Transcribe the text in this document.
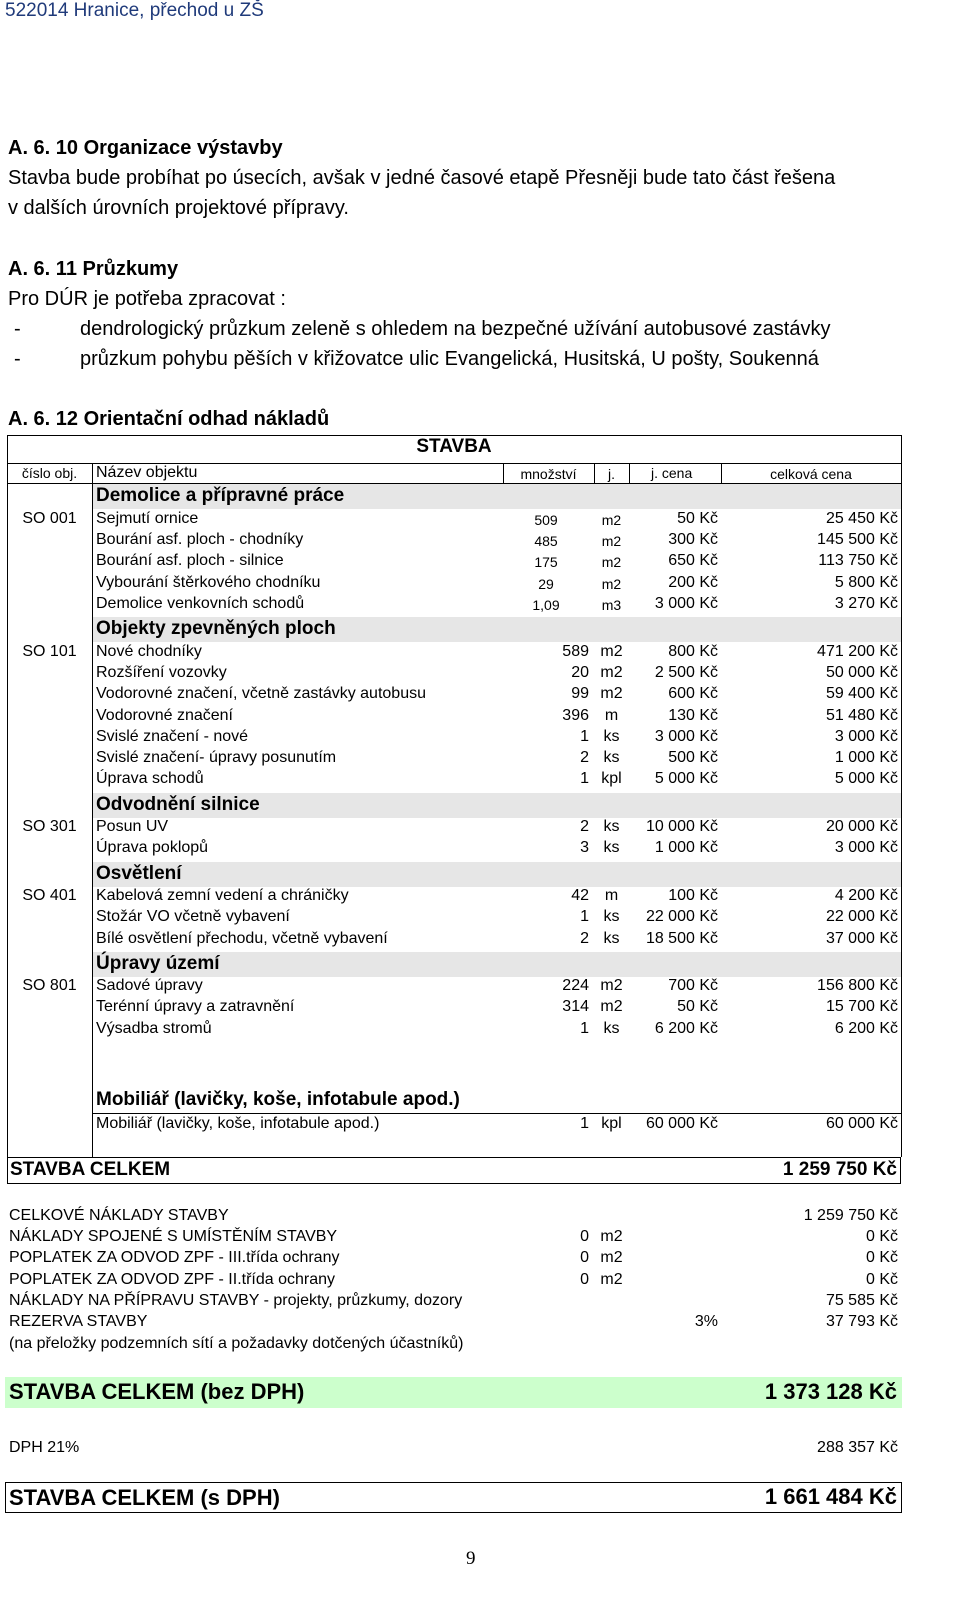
522014 Hranice, přechod u ZŠ
A. 6. 10 Organizace výstavby
Stavba bude probíhat po úsecích, avšak v jedné časové etapě Přesněji bude tato část řešena
v dalších úrovních projektové přípravy.
A. 6. 11 Průzkumy
Pro DÚR je potřeba zpracovat :
-	dendrologický průzkum zeleně s ohledem na bezpečné užívání autobusové zastávky
-	průzkum pohybu pěších v křižovatce ulic Evangelická, Husitská, U pošty, Soukenná
A. 6. 12 Orientační odhad nákladů
STAVBA
číslo obj.	Název objektu	množství	j.	j. cena	celková cena
Demolice a přípravné práce
SO 001	Sejmutí ornice	509	m2	50 Kč	25 450 Kč
Bourání asf. ploch - chodníky	485	m2	300 Kč	145 500 Kč
Bourání asf. ploch - silnice	175	m2	650 Kč	113 750 Kč
Vybourání štěrkového chodníku	29	m2	200 Kč	5 800 Kč
Demolice venkovních schodů	1,09	m3	3 000 Kč	3 270 Kč
Objekty zpevněných ploch
SO 101	Nové chodníky	589 m2	800 Kč	471 200 Kč
Rozšíření vozovky	20 m2	2 500 Kč	50 000 Kč
Vodorovné značení, včetně zastávky autobusu	99 m2	600 Kč	59 400 Kč
Vodorovné značení	396 m	130 Kč	51 480 Kč
Svislé značení - nové	1 ks	3 000 Kč	3 000 Kč
Svislé značení- úpravy posunutím	2 ks	500 Kč	1 000 Kč
Úprava schodů	1 kpl	5 000 Kč	5 000 Kč
Odvodnění silnice
SO 301	Posun UV	2 ks	10 000 Kč	20 000 Kč
Úprava poklopů	3 ks	1 000 Kč	3 000 Kč
Osvětlení
SO 401	Kabelová zemní vedení a chráničky	42 m	100 Kč	4 200 Kč
Stožár VO včetně vybavení	1 ks	22 000 Kč	22 000 Kč
Bílé osvětlení přechodu, včetně vybavení	2 ks	18 500 Kč	37 000 Kč
Úpravy území
SO 801	Sadové úpravy	224 m2	700 Kč	156 800 Kč
Terénní úpravy a zatravnění	314 m2	50 Kč	15 700 Kč
Výsadba stromů	1 ks	6 200 Kč	6 200 Kč
Mobiliář (lavičky, koše, infotabule apod.)
Mobiliář (lavičky, koše, infotabule apod.)	1 kpl	60 000 Kč	60 000 Kč
STAVBA CELKEM	1 259 750 Kč
CELKOVÉ NÁKLADY STAVBY	1 259 750 Kč
NÁKLADY SPOJENÉ S UMÍSTĚNÍM STAVBY	0 m2	0 Kč
POPLATEK ZA ODVOD ZPF - III.třída ochrany	0 m2	0 Kč
POPLATEK ZA ODVOD ZPF - II.třída ochrany	0 m2	0 Kč
NÁKLADY NA PŘÍPRAVU STAVBY - projekty, průzkumy, dozory	75 585 Kč
REZERVA STAVBY	3%	37 793 Kč
(na přeložky podzemních sítí a požadavky dotčených účastníků)
STAVBA CELKEM (bez DPH)	1 373 128 Kč
DPH 21%	288 357 Kč
STAVBA CELKEM (s DPH)	1 661 484 Kč
9
